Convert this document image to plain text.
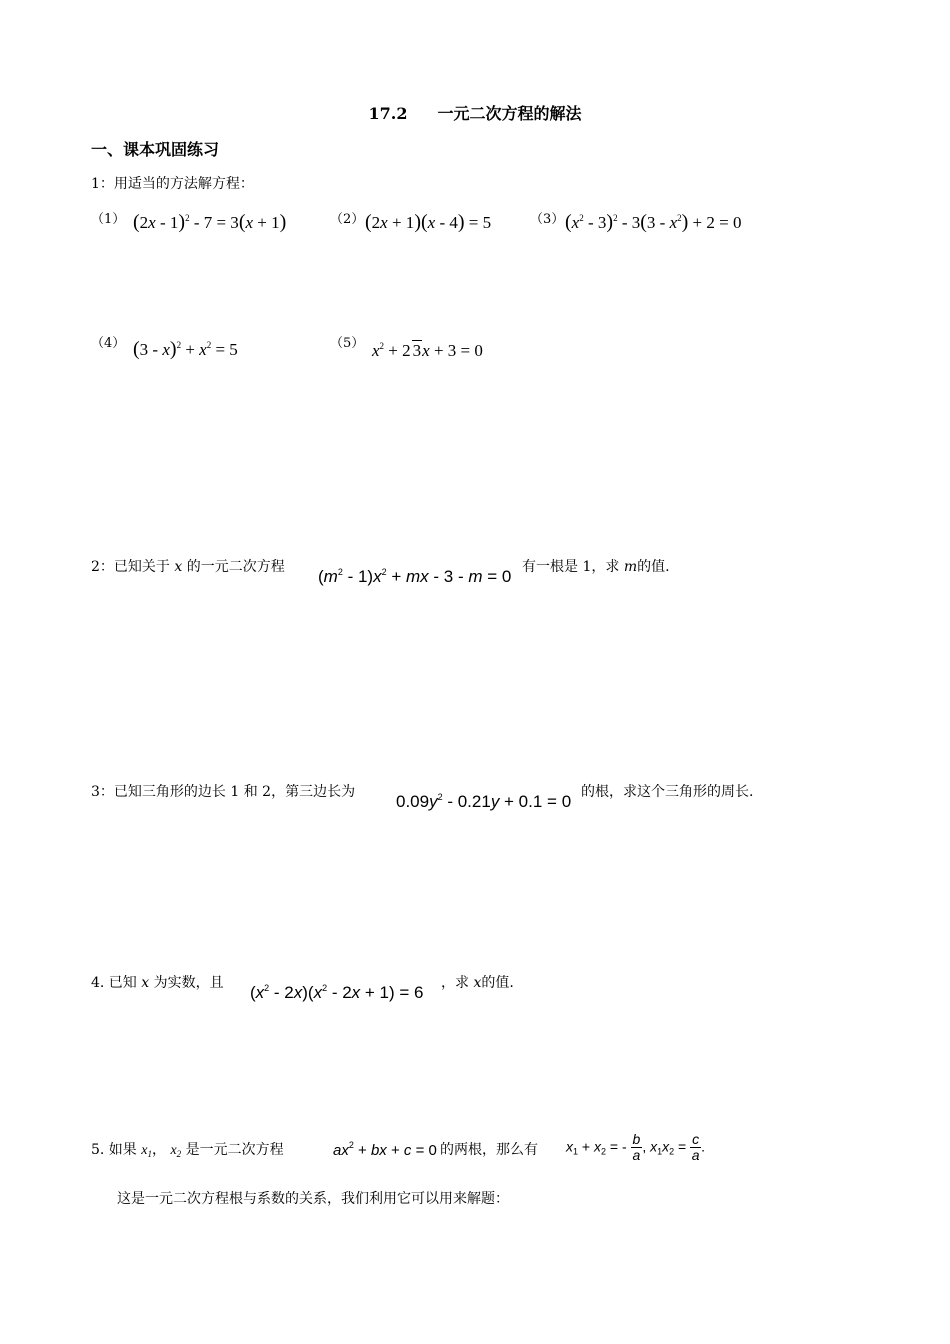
17.2 一元二次方程的解法
一、课本巩固练习
1：用适当的方法解方程：
（1） (2x - 1)$^2$ - 7 = 3(x + 1)	（2） (2x + 1)(x - 4) = 5	（3） $(x^2 - 3)^2 - 3(3 - x^2) + 2 = 0$
（4） $(3 - x)^2 + x^2 = 5$	（5） $x^2 + 2$ 3x + 3 = 0
2：已知关于 x 的一元二次方程 $(m^2 - 1)x^2$ + mx - 3 - m = 0 有一根是 1，求 m的值.
3：已知三角形的边长 1 和 2，第三边长为 $0.09y^2 - 0.21y + 0.1 = 0$ 的根，求这个三角形的周长.
4. 已知 x 为实数，且 $(x^2 - 2x)(x^2 - 2x + 1) = 6$ ，求 x的值.
5. 如果 $x_1$， $x_2$ 是一元二次方程	$ax^2$ + bx + c = 0 的两根，那么有 $x_1 + x_2$ = - $\frac{b}{a}$ , $x_1x_2 = \frac{c}{a}$ .
这是一元二次方程根与系数的关系，我们利用它可以用来解题：
